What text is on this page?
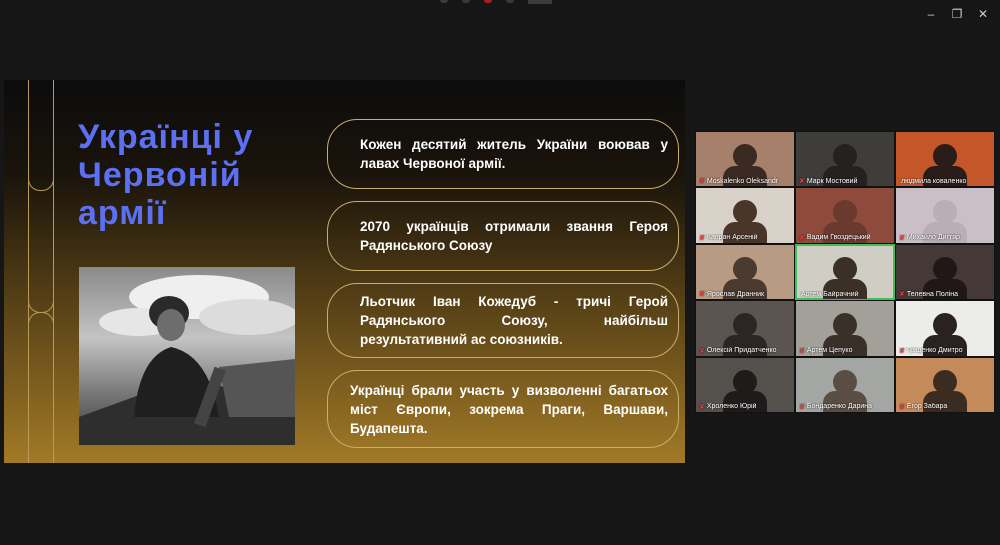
–	❐	✕
Українці у Червоній армії
Кожен десятий житель України воював у лавах Червоної армії.
2070 українців отримали звання Героя Радянського Союзу
Льотчик Іван Кожедуб - тричі Герой Радянського Союзу, найбільш результативний ас союзників.
Українці брали участь у визволенні багатьох міст Європи, зокрема Праги, Варшави, Будапешта.
✘ Moskalenko Oleksandr	✘ Марк Мостовий	людмила коваленко
✘ Капран Арсеній	✘ Вадим Гвоздецький	✘ Михайло Дигтяр
✘ Ярослав Дранник	Артем Байрачний	✘ Телевна Поліна
✘ Олексій Придатченко	✘ Артем Цепуко	✘ Гріщенко Дмитро
✘ Хроленко Юрій	✘ Бондаренко Дарина	✘ Егор Забара
